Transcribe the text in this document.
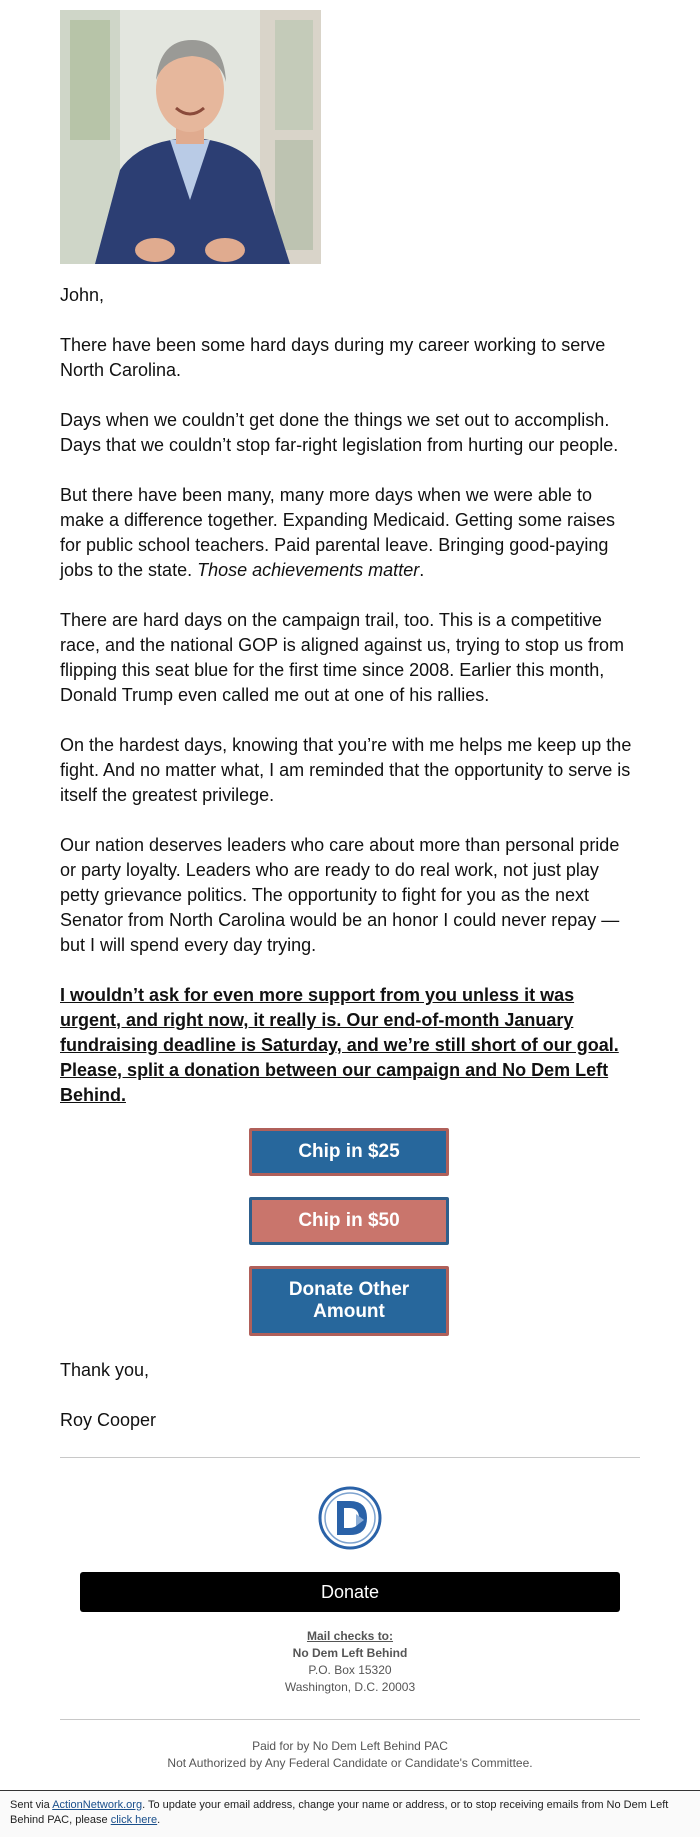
John,

There have been some hard days during my career working to serve North Carolina.

Days when we couldn’t get done the things we set out to accomplish. Days that we couldn’t stop far-right legislation from hurting our people.

But there have been many, many more days when we were able to make a difference together. Expanding Medicaid. Getting some raises for public school teachers. Paid parental leave. Bringing good-paying jobs to the state. Those achievements matter.

There are hard days on the campaign trail, too. This is a competitive race, and the national GOP is aligned against us, trying to stop us from flipping this seat blue for the first time since 2008. Earlier this month, Donald Trump even called me out at one of his rallies.

On the hardest days, knowing that you’re with me helps me keep up the fight. And no matter what, I am reminded that the opportunity to serve is itself the greatest privilege.

Our nation deserves leaders who care about more than personal pride or party loyalty. Leaders who are ready to do real work, not just play petty grievance politics. The opportunity to fight for you as the next Senator from North Carolina would be an honor I could never repay — but I will spend every day trying.

I wouldn’t ask for even more support from you unless it was urgent, and right now, it really is. Our end-of-month January fundraising deadline is Saturday, and we’re still short of our goal. Please, split a donation between our campaign and No Dem Left Behind.

Chip in $25
Chip in $50
Donate Other Amount

Thank you,

Roy Cooper

Donate
Mail checks to:
No Dem Left Behind
P.O. Box 15320
Washington, D.C. 20003
Paid for by No Dem Left Behind PAC
Not Authorized by Any Federal Candidate or Candidate's Committee.
Sent via ActionNetwork.org. To update your email address, change your name or address, or to stop receiving emails from No Dem Left Behind PAC, please click here.
